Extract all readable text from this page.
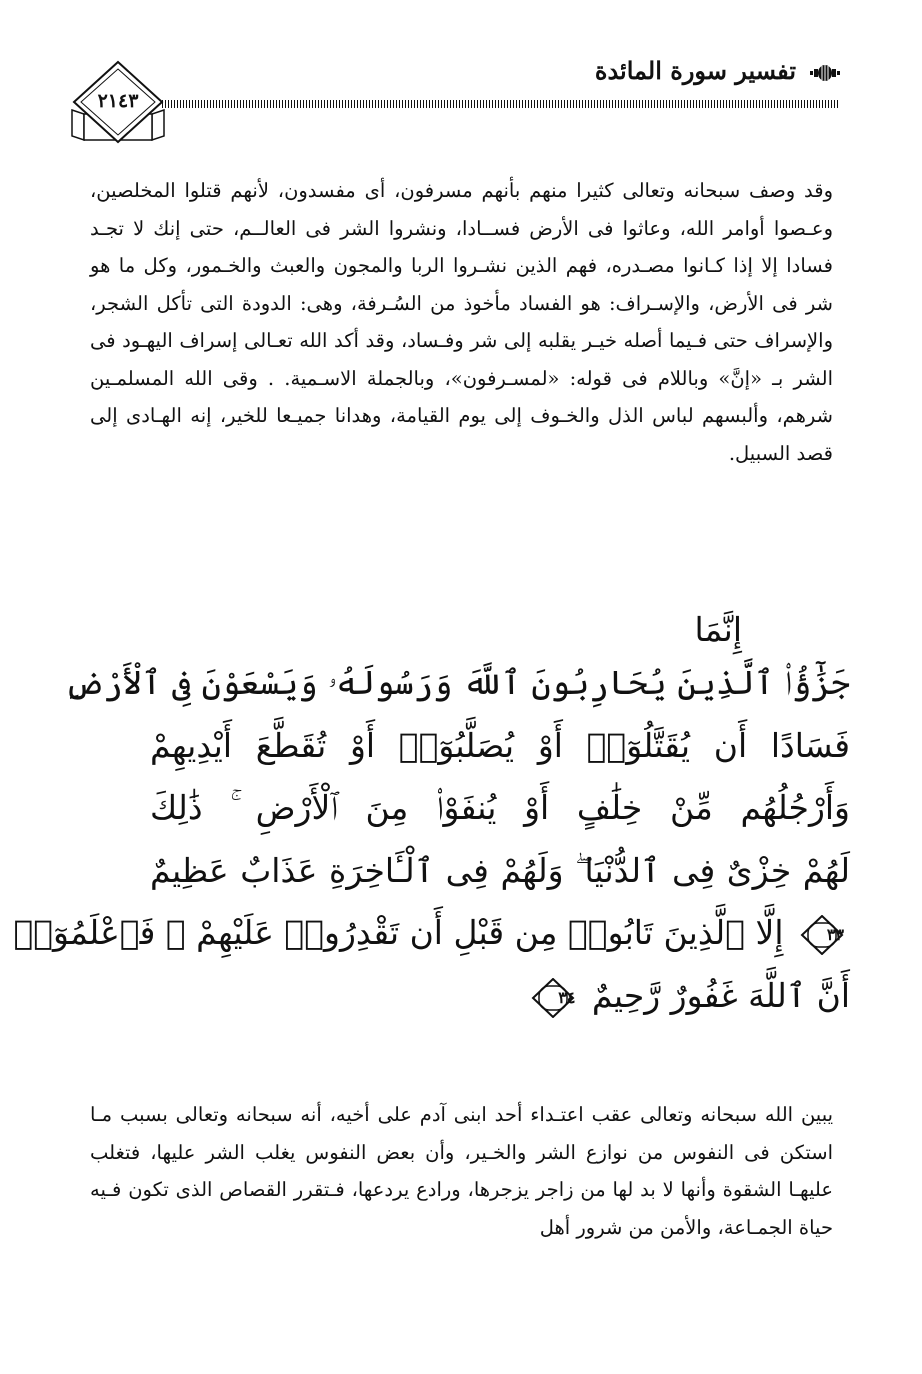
تفسير سورة المائدة
٢١٤٣
وقد وصف سبحانه وتعالى كثيرا منهم بأنهم مسرفون، أى مفسدون، لأنهم قتلوا المخلصين، وعـصوا أوامر الله، وعاثوا فى الأرض فســادا، ونشروا الشر فى العالــم، حتى إنك لا تجـد فسادا إلا إذا كـانوا مصـدره، فهم الذين نشـروا الربا والمجون والعبث والخـمور، وكل ما هو شر فى الأرض، والإسـراف: هو الفساد مأخوذ من السُـرفة، وهى: الدودة التى تأكل الشجر، والإسراف حتى فـيما أصله خيـر يقلبه إلى شر وفـساد، وقد أكد الله تعـالى إسراف اليهـود فى الشر بـ «إنَّ» وباللام فى قوله: «لمسـرفون»، وبالجملة الاسـمية. . وقى الله المسلمـين شرهم، وألبسهم لباس الذل والخـوف إلى يوم القيامة، وهدانا جميـعا للخير، إنه الهـادى إلى قصد السبيل.
إِنَّمَا
جَزَٰٓؤُا۟ ٱلَّذِينَ يُحَارِبُونَ ٱللَّهَ وَرَسُولَهُۥ وَيَسْعَوْنَ فِى ٱلْأَرْضِ
فَسَادًا أَن يُقَتَّلُوٓا۟ أَوْ يُصَلَّبُوٓا۟ أَوْ تُقَطَّعَ أَيْدِيهِمْ
وَأَرْجُلُهُم مِّنْ خِلَٰفٍ أَوْ يُنفَوْا۟ مِنَ ٱلْأَرْضِ ۚ ذَٰلِكَ
لَهُمْ خِزْىٌ فِى ٱلدُّنْيَا ۖ وَلَهُمْ فِى ٱلْـَٔاخِرَةِ عَذَابٌ عَظِيمٌ
٣٣
إِلَّا ٱلَّذِينَ تَابُوا۟ مِن قَبْلِ أَن تَقْدِرُوا۟ عَلَيْهِمْ ۖ فَٱعْلَمُوٓا۟
أَنَّ ٱللَّهَ غَفُورٌ رَّحِيمٌ
٣٤
يبين الله سبحانه وتعالى عقب اعتـداء أحد ابنى آدم على أخيه، أنه سبحانه وتعالى بسبب مـا استكن فى النفوس من نوازع الشر والخـير، وأن بعض النفوس يغلب الشر عليها، فتغلب عليهـا الشقوة وأنها لا بد لها من زاجر يزجرها، ورادع يردعها، فـتقرر القصاص الذى تكون فـيه حياة الجمـاعة، والأمن من شرور أهل
